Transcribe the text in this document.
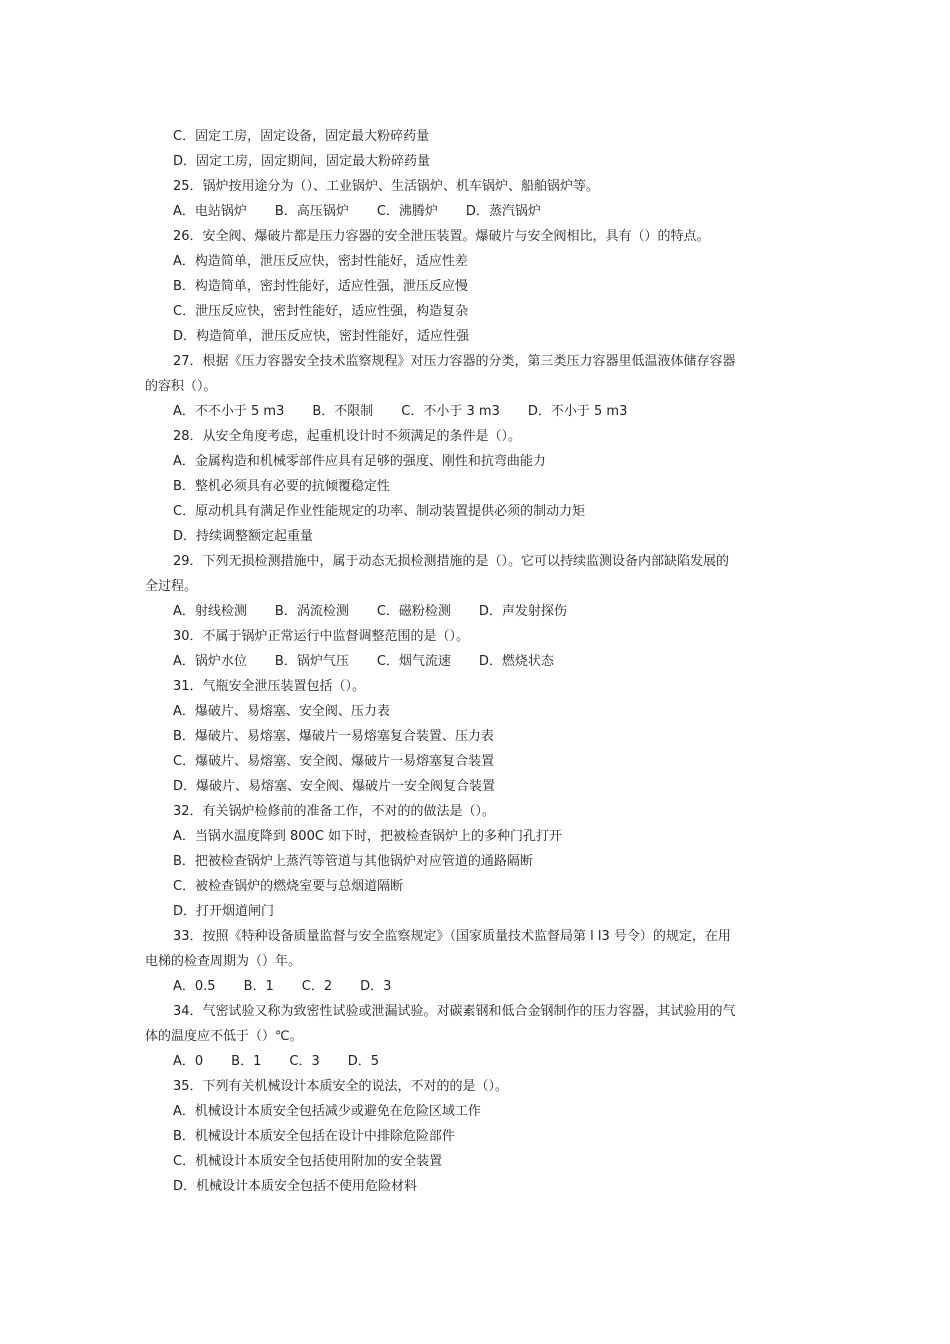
C．固定工房，固定设备，固定最大粉碎药量
D．固定工房，固定期间，固定最大粉碎药量
25．锅炉按用途分为（）、工业锅炉、生活锅炉、机车锅炉、船舶锅炉等。
A．电站锅炉 B．高压锅炉 C．沸腾炉 D．蒸汽锅炉
26．安全阀、爆破片都是压力容器的安全泄压装置。爆破片与安全阀相比，具有（）的特点。
A．构造简单，泄压反应快，密封性能好，适应性差
B．构造简单，密封性能好，适应性强，泄压反应慢
C．泄压反应快，密封性能好，适应性强，构造复杂
D．构造简单，泄压反应快，密封性能好，适应性强
27．根据《压力容器安全技术监察规程》对压力容器的分类，第三类压力容器里低温液体储存容器
的容积（）。
A．不不小于 5 m3 B．不限制 C．不小于 3 m3 D．不小于 5 m3
28．从安全角度考虑，起重机设计时不须满足的条件是（）。
A．金属构造和机械零部件应具有足够的强度、刚性和抗弯曲能力
B．整机必须具有必要的抗倾覆稳定性
C．原动机具有满足作业性能规定的功率、制动装置提供必须的制动力矩
D．持续调整额定起重量
29．下列无损检测措施中，属于动态无损检测措施的是（）。它可以持续监测设备内部缺陷发展的
全过程。
A．射线检测 B．涡流检测 C．磁粉检测 D．声发射探伤
30．不属于锅炉正常运行中监督调整范围的是（）。
A．锅炉水位 B．锅炉气压 C．烟气流速 D．燃烧状态
31．气瓶安全泄压装置包括（）。
A．爆破片、易熔塞、安全阀、压力表
B．爆破片、易熔塞、爆破片一易熔塞复合装置、压力表
C．爆破片、易熔塞、安全阀、爆破片一易熔塞复合装置
D．爆破片、易熔塞、安全阀、爆破片一安全阀复合装置
32．有关锅炉检修前的准备工作，不对的的做法是（）。
A．当锅水温度降到 800C 如下时，把被检查锅炉上的多种门孔打开
B．把被检查锅炉上蒸汽等管道与其他锅炉对应管道的通路隔断
C．被检查锅炉的燃烧室要与总烟道隔断
D．打开烟道闸门
33．按照《特种设备质量监督与安全监察规定》（国家质量技术监督局第 l l3 号令）的规定，在用
电梯的检查周期为（）年。
A．0.5 B．1 C．2 D．3
34．气密试验又称为致密性试验或泄漏试验。对碳素钢和低合金钢制作的压力容器，其试验用的气
体的温度应不低于（）℃。
A．0 B．1 C．3 D．5
35．下列有关机械设计本质安全的说法，不对的的是（）。
A．机械设计本质安全包括减少或避免在危险区域工作
B．机械设计本质安全包括在设计中排除危险部件
C．机械设计本质安全包括使用附加的安全装置
D．机械设计本质安全包括不使用危险材料
